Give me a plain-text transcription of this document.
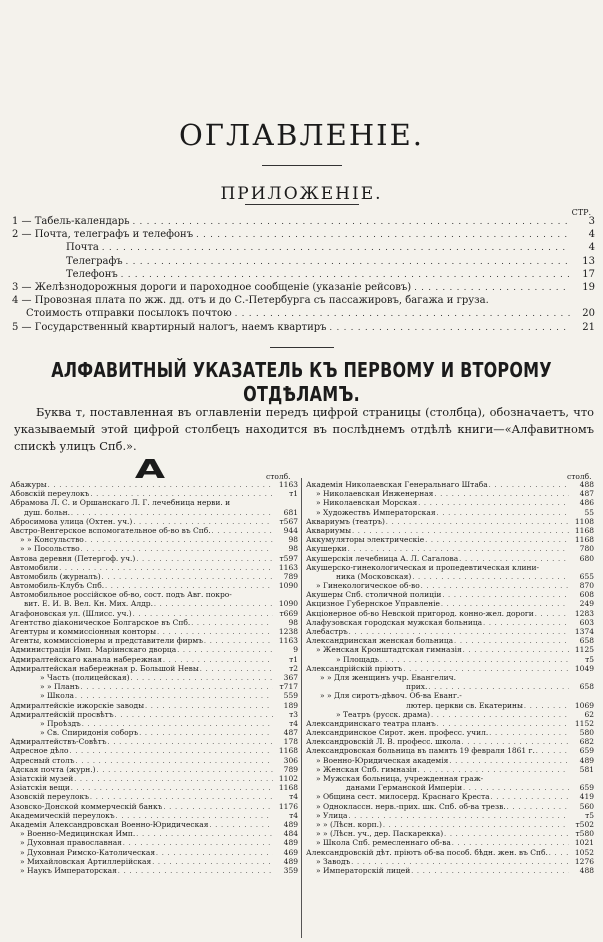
ОГЛАВЛЕНІЕ.
ПРИЛОЖЕНІЕ.
СТР.
1 — Табель-календарь . . .	3
2 — Почта, телеграфъ и телефонъ . . .	4
Почта . . .	4
Телеграфъ . . .	13
Телефонъ . . .	17
3 — Желѣзнодорожныя дороги и пароходное сообщеніе (указаніе рейсовъ) . . .	19
4 — Провозная плата по жж. дд. отъ и до С.-Петербурга съ пассажировъ, багажа и груза.
Стоимость отправки посылокъ почтою . . .	20
5 — Государственный квартирный налогъ, наемъ квартиръ . . .	21
АЛФАВИТНЫЙ УКАЗАТЕЛЬ КЪ ПЕРВОМУ И ВТОРОМУ ОТДѢЛАМЪ.
Буква т, поставленная въ оглавленіи передъ цифрой страницы (столбца), обозначаетъ, что указываемый этой цифрой столбецъ находится въ послѣднемъ отдѣлѣ книги—«Алфавитномъ спискѣ улицъ Спб.».
А	столб.	столб.
Абажуры . . .	1163
Абовскій переулокъ . . .	т1
Абрамова Л. С. и Оршанскаго Л. Г. лечебница нерви. и
душ. больн. . . .	681
Абросимова улица (Охтен. уч.) . . .	т567
Австро-Венгерское вспомогательное об-во въ Спб. . . .	944
» » Консульство . . .	98
» » Посольство . . .	98
Автова деревня (Петергоф. уч.) . . .	т597
Автомобили . . .	1163
Автомобиль (журналъ) . . .	789
Автомобиль-Клубъ Спб. . . .	1090
Автомобильное россійское об-во, сост. подъ Авг. покро-
вит. Е. И. В. Вел. Кн. Мих. Алдр. . . .	1090
Агафоновская ул. (Шлисс. уч.) . . .	т669
Агентство діаконическое Болгарское въ Спб. . . .	98
Агентуры и коммиссіонныя конторы . . .	1238
Агенты, коммиссіонеры и представители фирмъ . . .	1163
Администрація Имп. Маріинскаго дворца . . .	9
Адмиралтейскаго канала набережная . . .	т1
Адмиралтейская набережная р. Большой Невы . . .	т2
» Часть (полицейская) . . .	367
» » Планъ . . .	т717
» Школа . . .	559
Адмиралтейскіе ижорскіе заводы . . .	189
Адмиралтейскій просвѣтъ . . .	т3
» Проѣздъ . . .	т4
» Св. Спиридонія соборъ . . .	487
Адмиралтействъ-Совѣтъ . . .	178
Адресное дѣло . . .	1168
Адресный столъ . . .	306
Адская почта (журн.) . . .	789
Азіатскій музей . . .	1102
Азіатскія вещи . . .	1168
Азовскій переулокъ . . .	т4
Азовско-Донской коммерческій банкъ . . .	1176
Академическій переулокъ . . .	т4
Академія Александровская Военно-Юридическая . . .	489
» Военно-Медицинская Имп. . . .	484
» Духовная православная . . .	489
» Духовная Римско-Католическая . . .	469
» Михайловская Артиллерійская . . .	489
» Наукъ Императорская . . .	359
Академія Николаевская Генеральнаго Штаба . . .	488
» Николаевская Инженерная . . .	487
» Николаевская Морская . . .	486
» Художествъ Императорская . . .	55
Аквариумъ (театръ) . . .	1108
Аквариумы . . .	1168
Аккумуляторы электрическіе . . .	1168
Акушерки . . .	780
Акушерскія лечебница А. Л. Сагалова . . .	680
Акушерско-гинекологическая и пропедевтическая клини-
ника (Московская) . . .	655
» Гинекологическое об-во . . .	870
Акушеры Спб. столичной полиціи . . .	608
Акцизное Губернское Управленіе . . .	249
Акціонерное об-во Невской пригород. конно-жел. дороги . . .	1283
Алафузовская городская мужская больница . . .	603
Алебастръ . . .	1374
Александринская женская больница . . .	658
» Женская Кронштадтская гимназія . . .	1125
» Площадь . . .	т5
Александрійскій пріютъ . . .	1049
» » Для женщинъ учр. Евангелич.
прих. . . .	658
» » Для сиротъ-дѣвоч. Об-ва Еванг.-
лютер. церкви св. Екатерины . . .	1069
» Театръ (русск. драма) . . .	62
Александринскаго театра планъ . . .	1152
Александринское Сирот. жен. професс. учил. . . .	580
Александровскій Л. В. професс. школа . . .	682
Александровская больница въ память 19 февраля 1861 г. . . .	659
» Военно-Юридическая академія . . .	489
» Женская Спб. гимназія . . .	581
» Мужская больница, учрежденная граж-
данами Германской Имперіи . . .	659
» Община сест. милосерд. Краснаго Креста . . .	419
» Одноклассн. нерв.-прих. шк. Спб. об-ва трезв. . . .	560
» Улица . . .	т5
» » (Лѣсн. корп.) . . .	т502
» » (Лѣсн. уч., дер. Паскарекка) . . .	т580
» Школа Спб. ремесленнаго об-ва . . .	1021
Александровскій дѣт. пріютъ об-ва пособ. бѣдн. жен. въ Спб. . . .	1052
» Заводъ . . .	1276
» Императорскій лицей . . .	488
